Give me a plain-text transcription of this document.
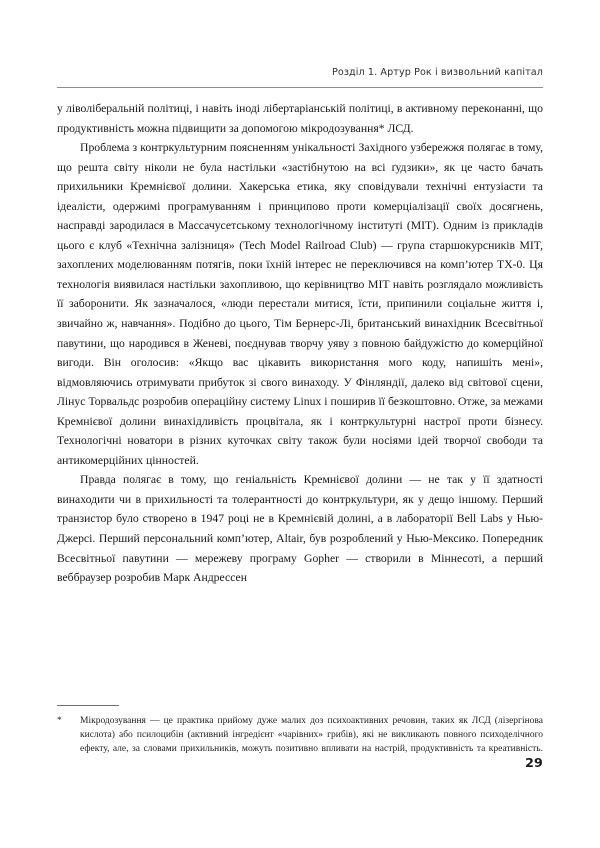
Розділ 1. Артур Рок і визвольний капітал

у ліволіберальній політиці, і навіть іноді лібертаріанській політиці, в активному переконанні, що продуктивність можна підвищити за допомогою мікродозування* ЛСД.

Проблема з контркультурним поясненням унікальності Західного узбережжя полягає в тому, що решта світу ніколи не була настільки «застібнутою на всі ґудзики», як це часто бачать прихильники Кремнієвої долини. Хакерська етика, яку сповідували технічні ентузіасти та ідеалісти, одержимі програмуванням і принципово проти комерціалізації своїх досягнень, насправді зародилася в Массачусетському технологічному інституті (MIT). Одним із прикладів цього є клуб «Технічна залізниця» (Tech Model Railroad Club) — група старшокурсників MIT, захоплених моделюванням потягів, поки їхній інтерес не переключився на комп’ютер TX-0. Ця технологія виявилася настільки захопливою, що керівництво MIT навіть розглядало можливість її заборонити. Як зазначалося, «люди перестали митися, їсти, припинили соціальне життя і, звичайно ж, навчання». Подібно до цього, Тім Бернерс-Лі, британський винахідник Всесвітньої павутини, що народився в Женеві, поєднував творчу уяву з повною байдужістю до комерційної вигоди. Він оголосив: «Якщо вас цікавить використання мого коду, напишіть мені», відмовляючись отримувати прибуток зі свого винаходу. У Фінляндії, далеко від світової сцени, Лінус Торвальдс розробив операційну систему Linux і поширив її безкоштовно. Отже, за межами Кремнієвої долини винахідливість процвітала, як і контркультурні настрої проти бізнесу. Технологічні новатори в різних куточках світу також були носіями ідей творчої свободи та антикомерційних цінностей.

Правда полягає в тому, що геніальність Кремнієвої долини — не так у її здатності винаходити чи в прихильності та толерантності до контркультури, як у дещо іншому. Перший транзистор було створено в 1947 році не в Кремнієвій долині, а в лабораторії Bell Labs у Нью-Джерсі. Перший персональний комп’ютер, Altair, був розроблений у Нью-Мексико. Попередник Всесвітньої павутини — мережеву програму Gopher — створили в Міннесоті, а перший веббраузер розробив Марк Андрессен

*	Мікродозування — це практика прийому дуже малих доз психоактивних речовин, таких як ЛСД (лізергінова кислота) або псилоцибін (активний інгредієнт «чарівних» грибів), які не викликають повного психоделічного ефекту, але, за словами прихильників, можуть позитивно впливати на настрій, продуктивність та креативність.    29
